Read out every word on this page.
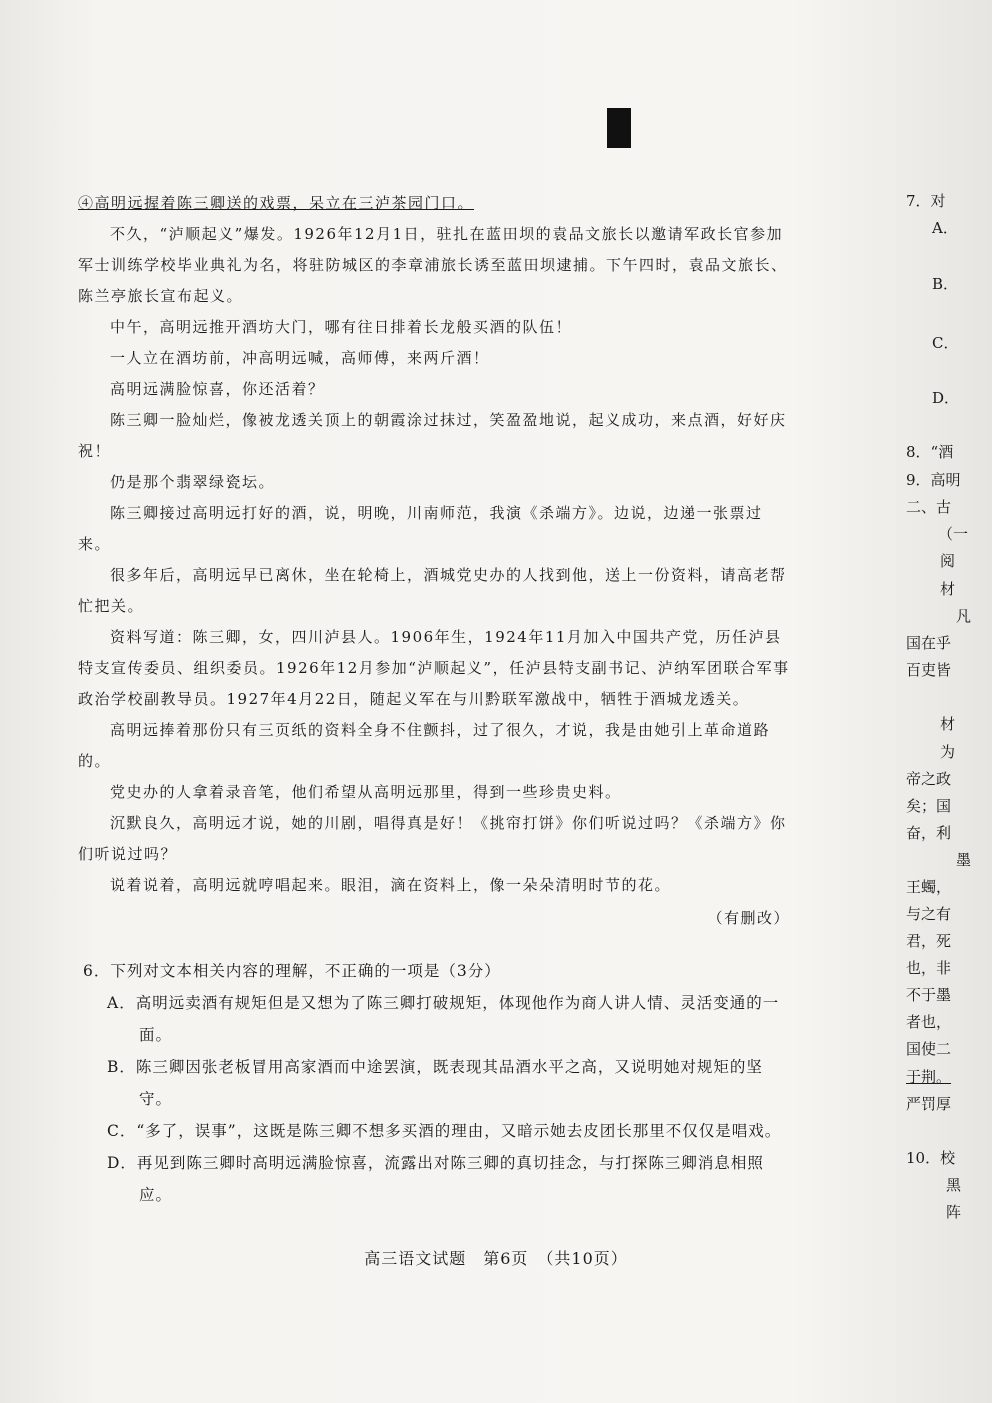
④高明远握着陈三卿送的戏票，呆立在三泸茶园门口。

不久，“泸顺起义”爆发。1926年12月1日，驻扎在蓝田坝的袁品文旅长以邀请军政长官参加军士训练学校毕业典礼为名，将驻防城区的李章浦旅长诱至蓝田坝逮捕。下午四时，袁品文旅长、陈兰亭旅长宣布起义。

中午，高明远推开酒坊大门，哪有往日排着长龙般买酒的队伍！

一人立在酒坊前，冲高明远喊，高师傅，来两斤酒！

高明远满脸惊喜，你还活着？

陈三卿一脸灿烂，像被龙透关顶上的朝霞涂过抹过，笑盈盈地说，起义成功，来点酒，好好庆祝！

仍是那个翡翠绿瓷坛。

陈三卿接过高明远打好的酒，说，明晚，川南师范，我演《杀端方》。边说，边递一张票过来。

很多年后，高明远早已离休，坐在轮椅上，酒城党史办的人找到他，送上一份资料，请高老帮忙把关。

资料写道：陈三卿，女，四川泸县人。1906年生，1924年11月加入中国共产党，历任泸县特支宣传委员、组织委员。1926年12月参加“泸顺起义”，任泸县特支副书记、泸纳军团联合军事政治学校副教导员。1927年4月22日，随起义军在与川黔联军激战中，牺牲于酒城龙透关。

高明远捧着那份只有三页纸的资料全身不住颤抖，过了很久，才说，我是由她引上革命道路的。

党史办的人拿着录音笔，他们希望从高明远那里，得到一些珍贵史料。

沉默良久，高明远才说，她的川剧，唱得真是好！《挑帘打饼》你们听说过吗？《杀端方》你们听说过吗？

说着说着，高明远就哼唱起来。眼泪，滴在资料上，像一朵朵清明时节的花。

（有删改）

6．下列对文本相关内容的理解，不正确的一项是（3分）

A．高明远卖酒有规矩但是又想为了陈三卿打破规矩，体现他作为商人讲人情、灵活变通的一面。

B．陈三卿因张老板冒用高家酒而中途罢演，既表现其品酒水平之高，又说明她对规矩的坚守。

C．“多了，误事”，这既是陈三卿不想多买酒的理由，又暗示她去皮团长那里不仅仅是唱戏。

D．再见到陈三卿时高明远满脸惊喜，流露出对陈三卿的真切挂念，与打探陈三卿消息相照应。

高三语文试题　第6页　（共10页）
7．对
A．
B．
C．
D．
8．“酒
9．高明
二、古
（一
阅
材
凡
国在乎
百吏皆
材
为
帝之政
矣；国
奋，利
墨
王蠋，
与之有
君，死
也，非
不于墨
者也，
国使二
于荆。
严罚厚
10．校
黑
阵
